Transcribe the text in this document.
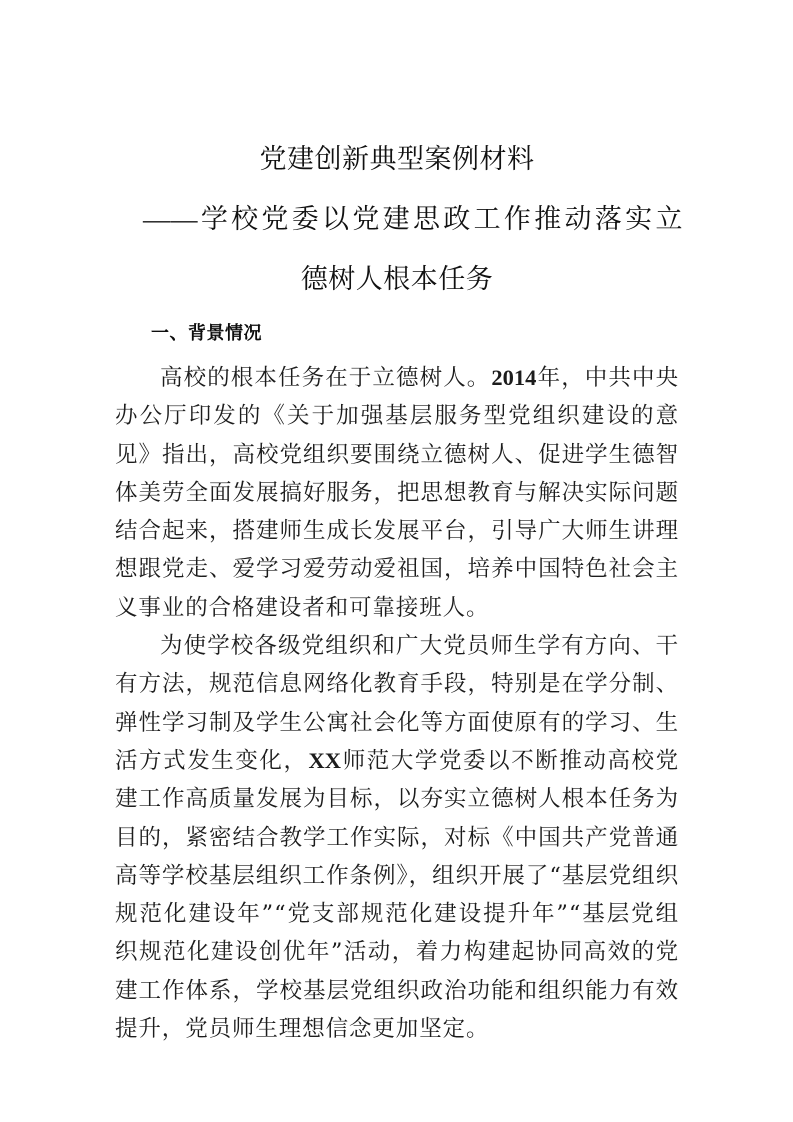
党建创新典型案例材料
——学校党委以党建思政工作推动落实立
德树人根本任务
一、背景情况

高校的根本任务在于立德树人。2014年，中共中央办公厅印发的《关于加强基层服务型党组织建设的意见》指出，高校党组织要围绕立德树人、促进学生德智体美劳全面发展搞好服务，把思想教育与解决实际问题结合起来，搭建师生成长发展平台，引导广大师生讲理想跟党走、爱学习爱劳动爱祖国，培养中国特色社会主义事业的合格建设者和可靠接班人。

为使学校各级党组织和广大党员师生学有方向、干有方法，规范信息网络化教育手段，特别是在学分制、弹性学习制及学生公寓社会化等方面使原有的学习、生活方式发生变化，XX师范大学党委以不断推动高校党建工作高质量发展为目标，以夯实立德树人根本任务为目的，紧密结合教学工作实际，对标《中国共产党普通高等学校基层组织工作条例》，组织开展了“基层党组织规范化建设年”“党支部规范化建设提升年”“基层党组织规范化建设创优年”活动，着力构建起协同高效的党建工作体系，学校基层党组织政治功能和组织能力有效提升，党员师生理想信念更加坚定。
